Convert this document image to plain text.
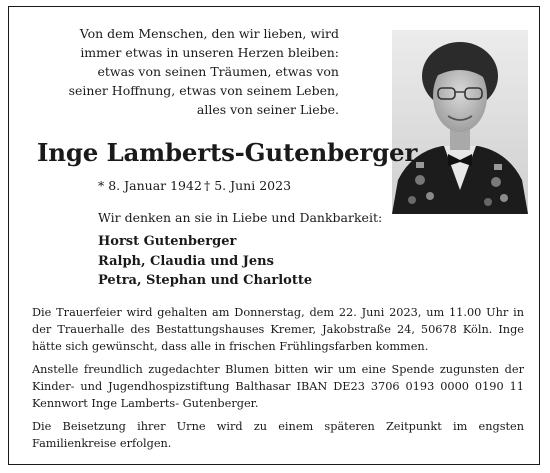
Von dem Menschen, den wir lieben, wird
immer etwas in unseren Herzen bleiben:
etwas von seinen Träumen, etwas von
seiner Hoffnung, etwas von seinem Leben,
alles von seiner Liebe.
Inge Lamberts-Gutenberger
* 8. Januar 1942 † 5. Juni 2023
Wir denken an sie in Liebe und Dankbarkeit:
Horst Gutenberger
Ralph, Claudia und Jens
Petra, Stephan und Charlotte

Die Trauerfeier wird gehalten am Donnerstag, dem 22. Juni 2023, um 11.00 Uhr in der Trauerhalle des Bestattungshauses Kremer, Jakobstraße 24, 50678 Köln. Inge hätte sich gewünscht, dass alle in frischen Frühlingsfarben kommen.

Anstelle freundlich zugedachter Blumen bitten wir um eine Spende zugunsten der Kinder- und Jugendhospizstiftung Balthasar IBAN DE23 3706 0193 0000 0190 11 Kennwort Inge Lamberts- Gutenberger.

Die Beisetzung ihrer Urne wird zu einem späteren Zeitpunkt im engsten Familienkreise erfolgen.
